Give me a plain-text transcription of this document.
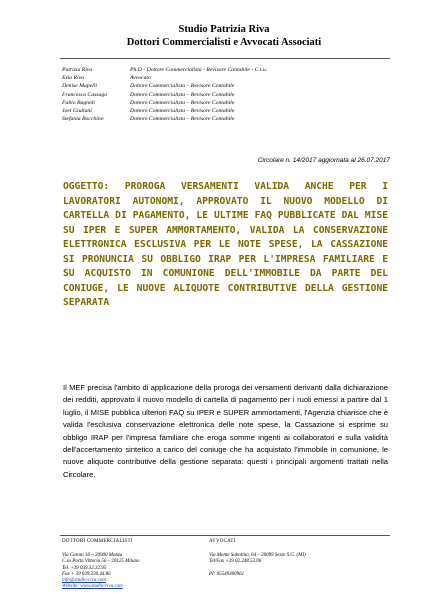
Studio Patrizia Riva
Dottori Commercialisti e Avvocati Associati
Patrizia Riva	Ph.D - Dottore Commercialista - Revisore Contabile - C.t.u.
Ezio Riva	Avvocato
Denise Mapelli	Dottore Commercialista – Revisore Contabile
Francesca Cassago	Dottore Commercialista – Revisore Contabile
Fabio Bagnoli	Dottore Commercialista – Revisore Contabile
Joel Giuliani	Dottore Commercialista – Revisore Contabile
Stefania Bocchino	Dottore Commercialista – Revisore Contabile
Circolare n. 14/2017 aggiornata al 26.07.2017
OGGETTO: PROROGA VERSAMENTI VALIDA ANCHE PER I LAVORATORI AUTONOMI, APPROVATO IL NUOVO MODELLO DI CARTELLA DI PAGAMENTO, LE ULTIME FAQ PUBBLICATE DAL MISE SU IPER E SUPER AMMORTAMENTO, VALIDA LA CONSERVAZIONE ELETTRONICA ESCLUSIVA PER LE NOTE SPESE, LA CASSAZIONE SI PRONUNCIA SU OBBLIGO IRAP PER L'IMPRESA FAMILIARE E SU ACQUISTO IN COMUNIONE DELL'IMMOBILE DA PARTE DEL CONIUGE, LE NUOVE ALIQUOTE CONTRIBUTIVE DELLA GESTIONE SEPARATA
Il MEF precisa l'ambito di applicazione della proroga dei versamenti derivanti dalla dichiarazione dei redditi, approvato il nuovo modello di cartella di pagamento per i ruoli emessi a partire dal 1 luglio, il MISE pubblica ulteriori FAQ su IPER e SUPER ammortamenti, l'Agenzia chiarisce che è valida l'esclusiva conservazione elettronica delle note spese, la Cassazione si esprime su obbligo IRAP per l'impresa familiare che eroga somme ingenti ai collaboratori e sulla validità dell'accertamento sintetico a carico del coniuge che ha acquistato l'immobile in comunione, le nuove aliquote contributive della gestione separata: questi i principali argomenti trattati nella Circolare.
DOTTORI COMMERCIALISTI
Via Caroni 10 – 20900 Monza
C.so Porta Vittoria 56 – 20125 Milano
Tel. +39 039.32.32.95
Fax + 39 039.230.44.86
info@studio-riva.com
Website: www.studio-riva.com
AVVOCATI
Via Monte Sabotino, 64 – 20099 Sesto S.G. (MI)
Tel/Fax +39 02.248.53.06
PI: 05549300961
